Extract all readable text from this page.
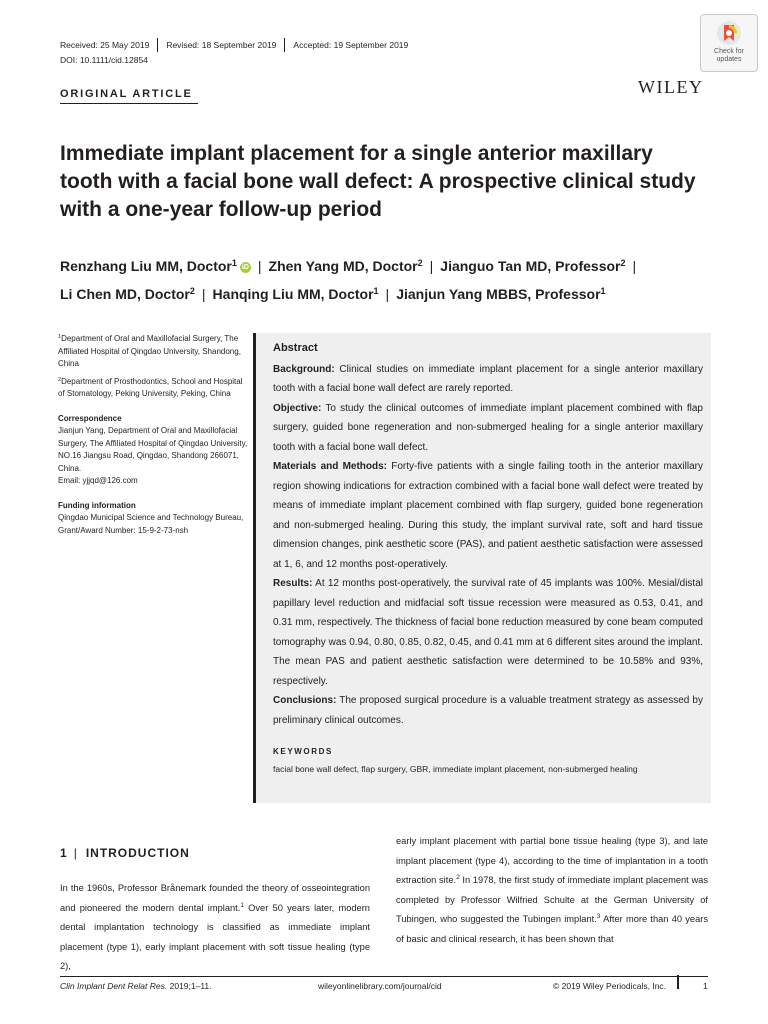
Received: 25 May 2019 Revised: 18 September 2019 Accepted: 19 September 2019
DOI: 10.1111/cid.12854
Check for
updates
ORIGINAL ARTICLE	WILEY
Immediate implant placement for a single anterior maxillary tooth with a facial bone wall defect: A prospective clinical study with a one-year follow-up period
Renzhang Liu MM, Doctor$^1$ iD | Zhen Yang MD, Doctor$^2$ | Jianguo Tan MD, Professor$^2$ |
Li Chen MD, Doctor$^2$ | Hanqing Liu MM, Doctor$^1$ | Jianjun Yang MBBS, Professor$^1$

$^1$Department of Oral and Maxillofacial Surgery, The Affiliated Hospital of Qingdao University, Shandong, China

$^2$Department of Prosthodontics, School and Hospital of Stomatology, Peking University, Peking, China

Correspondence

Jianjun Yang, Department of Oral and Maxillofacial Surgery, The Affiliated Hospital of Qingdao University, NO.16 Jiangsu Road, Qingdao, Shandong 266071, China.

Email: yjjqd@126.com

Funding information

Qingdao Municipal Science and Technology Bureau, Grant/Award Number: 15-9-2-73-nsh

Abstract

Background: Clinical studies on immediate implant placement for a single anterior maxillary tooth with a facial bone wall defect are rarely reported.

Objective: To study the clinical outcomes of immediate implant placement combined with flap surgery, guided bone regeneration and non-submerged healing for a single anterior maxillary tooth with a facial bone wall defect.

Materials and Methods: Forty-five patients with a single failing tooth in the anterior maxillary region showing indications for extraction combined with a facial bone wall defect were treated by means of immediate implant placement combined with flap surgery, guided bone regeneration and non-submerged healing. During this study, the implant survival rate, soft and hard tissue dimension changes, pink aesthetic score (PAS), and patient aesthetic satisfaction were assessed at 1, 6, and 12 months post-operatively.

Results: At 12 months post-operatively, the survival rate of 45 implants was 100%. Mesial/distal papillary level reduction and midfacial soft tissue recession were measured as 0.53, 0.41, and 0.31 mm, respectively. The thickness of facial bone reduction measured by cone beam computed tomography was 0.94, 0.80, 0.85, 0.82, 0.45, and 0.41 mm at 6 different sites around the implant. The mean PAS and patient aesthetic satisfaction were determined to be 10.58% and 93%, respectively.

Conclusions: The proposed surgical procedure is a valuable treatment strategy as assessed by preliminary clinical outcomes.

KEYWORDS
facial bone wall defect, flap surgery, GBR, immediate implant placement, non-submerged healing
1 | INTRODUCTION

In the 1960s, Professor Brånemark founded the theory of osseointegration and pioneered the modern dental implant.$^1$ Over 50 years later, modern dental implantation technology is classified as immediate implant placement (type 1), early implant placement with soft tissue healing (type 2),

early implant placement with partial bone tissue healing (type 3), and late implant placement (type 4), according to the time of implantation in a tooth extraction site.$^2$ In 1978, the first study of immediate implant placement was completed by Professor Wilfried Schulte at the German University of Tubingen, who suggested the Tubingen implant.$^3$ After more than 40 years of basic and clinical research, it has been shown that

Clin Implant Dent Relat Res. 2019;1–11.	wileyonlinelibrary.com/journal/cid	© 2019 Wiley Periodicals, Inc.	1
